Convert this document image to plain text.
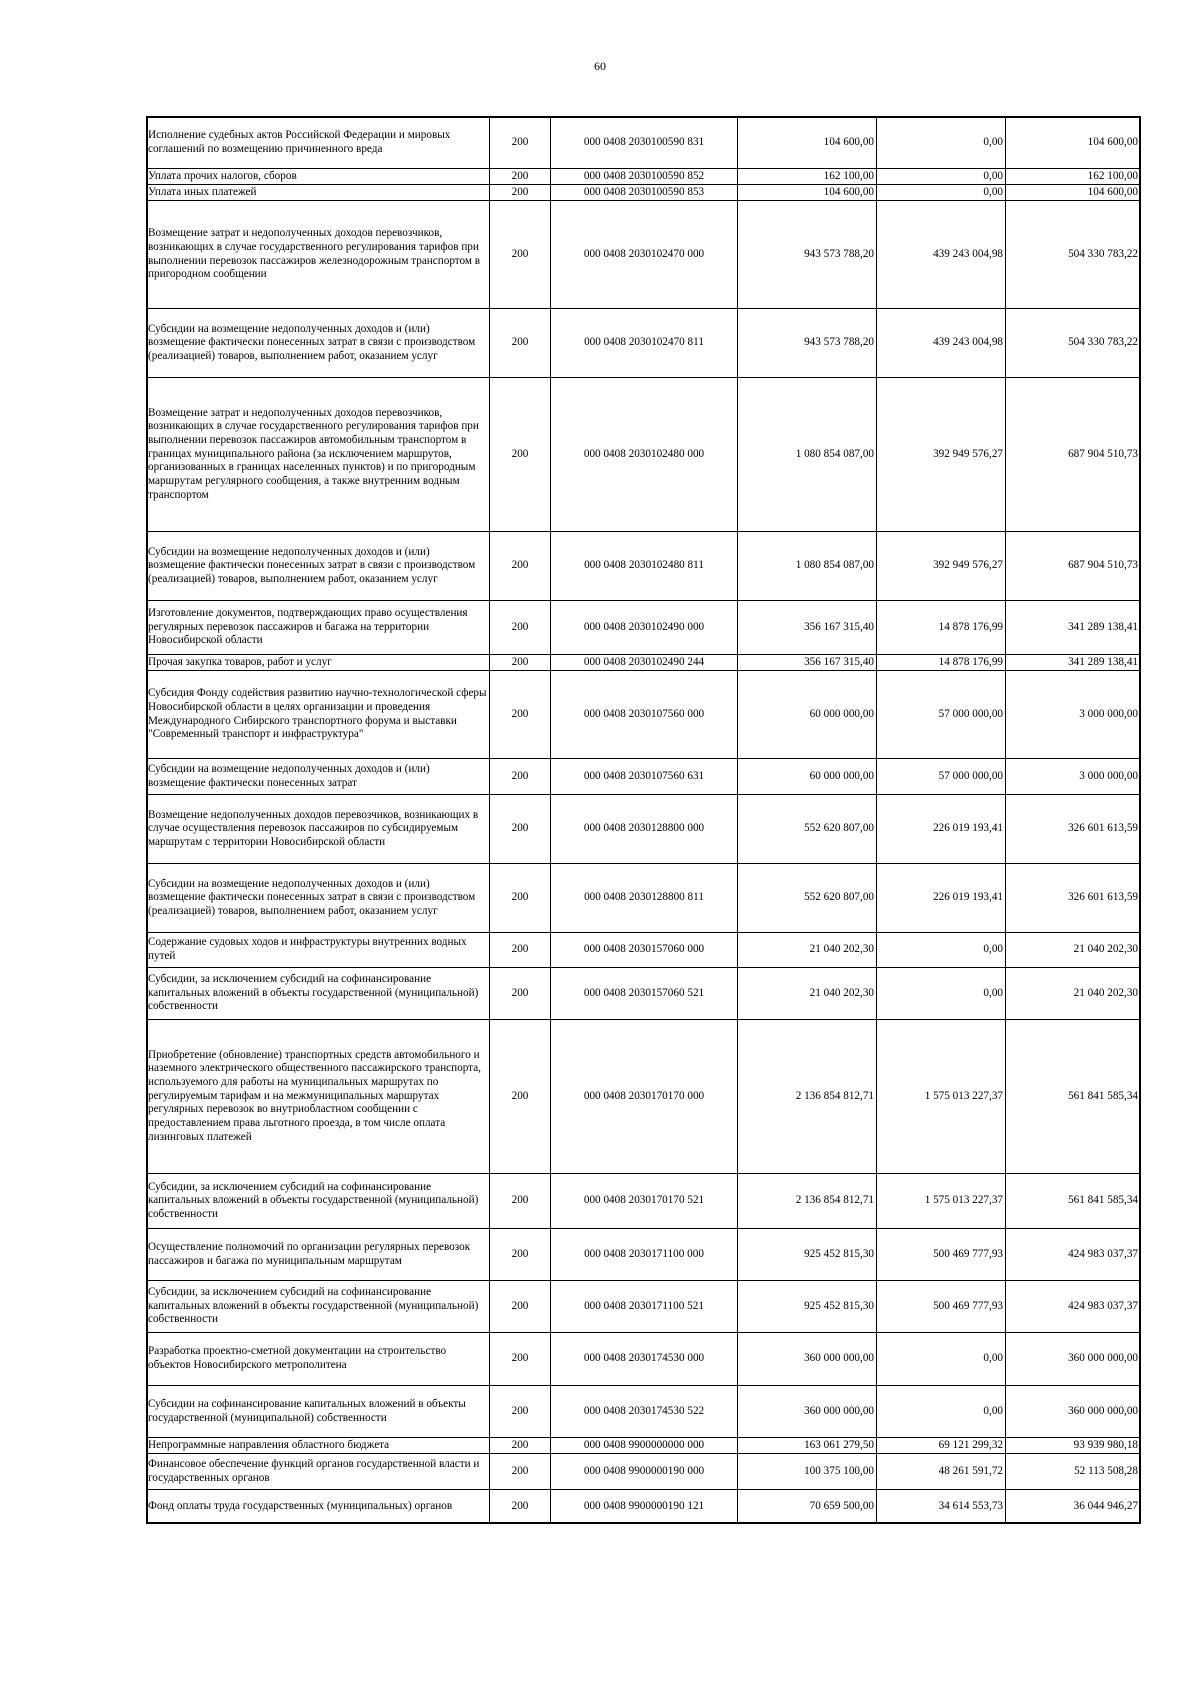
60
Исполнение судебных актов Российской Федерации и мировых соглашений по возмещению причиненного вреда	200	000 0408 2030100590 831	104 600,00	0,00	104 600,00
Уплата прочих налогов, сборов	200	000 0408 2030100590 852	162 100,00	0,00	162 100,00
Уплата иных платежей	200	000 0408 2030100590 853	104 600,00	0,00	104 600,00
Возмещение затрат и недополученных доходов перевозчиков, возникающих в случае государственного регулирования тарифов при выполнении перевозок пассажиров железнодорожным транспортом в пригородном сообщении	200	000 0408 2030102470 000	943 573 788,20	439 243 004,98	504 330 783,22
Субсидии на возмещение недополученных доходов и (или) возмещение фактически понесенных затрат в связи с производством (реализацией) товаров, выполнением работ, оказанием услуг	200	000 0408 2030102470 811	943 573 788,20	439 243 004,98	504 330 783,22
Возмещение затрат и недополученных доходов перевозчиков, возникающих в случае государственного регулирования тарифов при выполнении перевозок пассажиров автомобильным транспортом в границах муниципального района (за исключением маршрутов, организованных в границах населенных пунктов) и по пригородным маршрутам регулярного сообщения, а также внутренним водным транспортом	200	000 0408 2030102480 000	1 080 854 087,00	392 949 576,27	687 904 510,73
Субсидии на возмещение недополученных доходов и (или) возмещение фактически понесенных затрат в связи с производством (реализацией) товаров, выполнением работ, оказанием услуг	200	000 0408 2030102480 811	1 080 854 087,00	392 949 576,27	687 904 510,73
Изготовление документов, подтверждающих право осуществления регулярных перевозок пассажиров и багажа на территории Новосибирской области	200	000 0408 2030102490 000	356 167 315,40	14 878 176,99	341 289 138,41
Прочая закупка товаров, работ и услуг	200	000 0408 2030102490 244	356 167 315,40	14 878 176,99	341 289 138,41
Субсидия Фонду содействия развитию научно-технологической сферы Новосибирской области в целях организации и проведения Международного Сибирского транспортного форума и выставки "Современный транспорт и инфраструктура"	200	000 0408 2030107560 000	60 000 000,00	57 000 000,00	3 000 000,00
Субсидии на возмещение недополученных доходов и (или) возмещение фактически понесенных затрат	200	000 0408 2030107560 631	60 000 000,00	57 000 000,00	3 000 000,00
Возмещение недополученных доходов перевозчиков, возникающих в случае осуществления перевозок пассажиров по субсидируемым маршрутам с территории Новосибирской области	200	000 0408 2030128800 000	552 620 807,00	226 019 193,41	326 601 613,59
Субсидии на возмещение недополученных доходов и (или) возмещение фактически понесенных затрат в связи с производством (реализацией) товаров, выполнением работ, оказанием услуг	200	000 0408 2030128800 811	552 620 807,00	226 019 193,41	326 601 613,59
Содержание судовых ходов и инфраструктуры внутренних водных путей	200	000 0408 2030157060 000	21 040 202,30	0,00	21 040 202,30
Субсидии, за исключением субсидий на софинансирование капитальных вложений в объекты государственной (муниципальной) собственности	200	000 0408 2030157060 521	21 040 202,30	0,00	21 040 202,30
Приобретение (обновление) транспортных средств автомобильного и наземного электрического общественного пассажирского транспорта, используемого для работы на муниципальных маршрутах по регулируемым тарифам и на межмуниципальных маршрутах регулярных перевозок во внутриобластном сообщении с предоставлением права льготного проезда, в том числе оплата лизинговых платежей	200	000 0408 2030170170 000	2 136 854 812,71	1 575 013 227,37	561 841 585,34
Субсидии, за исключением субсидий на софинансирование капитальных вложений в объекты государственной (муниципальной) собственности	200	000 0408 2030170170 521	2 136 854 812,71	1 575 013 227,37	561 841 585,34
Осуществление полномочий по организации регулярных перевозок пассажиров и багажа по муниципальным маршрутам	200	000 0408 2030171100 000	925 452 815,30	500 469 777,93	424 983 037,37
Субсидии, за исключением субсидий на софинансирование капитальных вложений в объекты государственной (муниципальной) собственности	200	000 0408 2030171100 521	925 452 815,30	500 469 777,93	424 983 037,37
Разработка проектно-сметной документации на строительство объектов Новосибирского метрополитена	200	000 0408 2030174530 000	360 000 000,00	0,00	360 000 000,00
Субсидии на софинансирование капитальных вложений в объекты государственной (муниципальной) собственности	200	000 0408 2030174530 522	360 000 000,00	0,00	360 000 000,00
Непрограммные направления областного бюджета	200	000 0408 9900000000 000	163 061 279,50	69 121 299,32	93 939 980,18
Финансовое обеспечение функций органов государственной власти и государственных органов	200	000 0408 9900000190 000	100 375 100,00	48 261 591,72	52 113 508,28
Фонд оплаты труда государственных (муниципальных) органов	200	000 0408 9900000190 121	70 659 500,00	34 614 553,73	36 044 946,27
